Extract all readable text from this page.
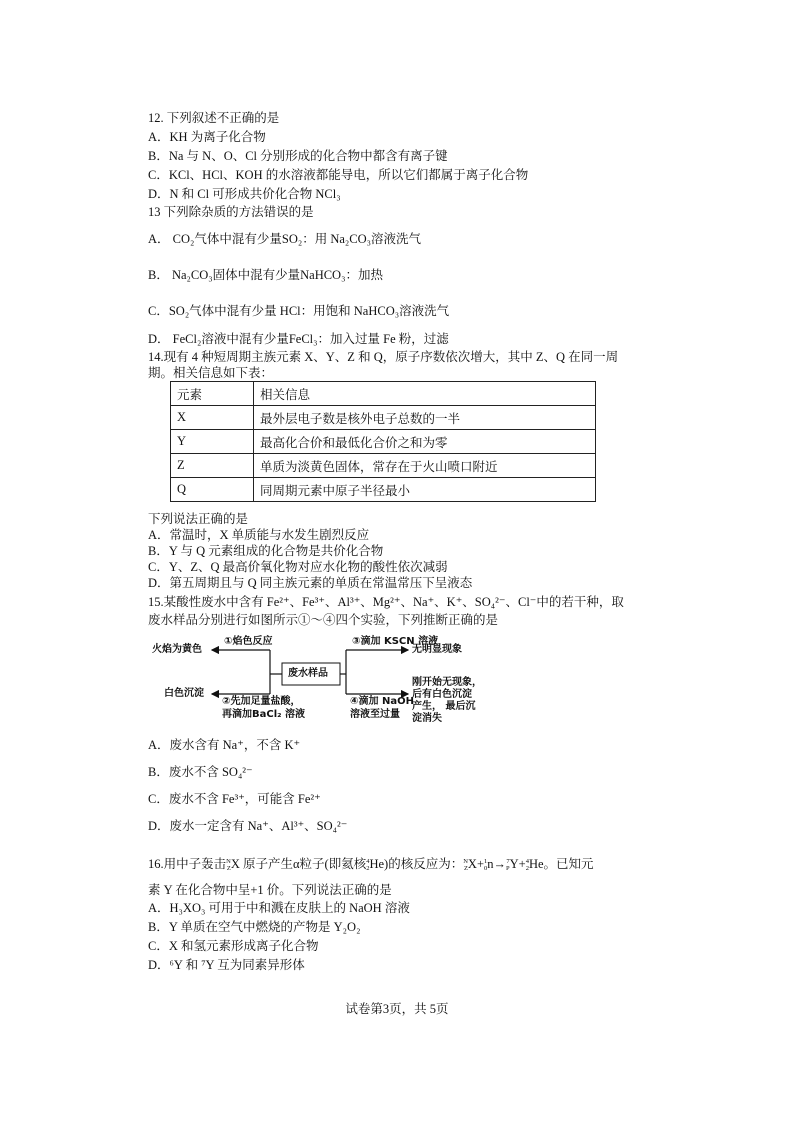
12. 下列叙述不正确的是
A．KH 为离子化合物
B．Na 与 N、O、Cl 分别形成的化合物中都含有离子键
C．KCl、HCl、KOH 的水溶液都能导电，所以它们都属于离子化合物
D．N 和 Cl 可形成共价化合物 NCl₃
13 下列除杂质的方法错误的是
A． CO₂气体中混有少量SO₂：用 Na₂CO₃溶液洗气
B． Na₂CO₃固体中混有少量NaHCO₃：加热
C．SO₂气体中混有少量 HCl：用饱和 NaHCO₃溶液洗气
D． FeCl₂溶液中混有少量FeCl₃：加入过量 Fe 粉，过滤
14.现有 4 种短周期主族元素 X、Y、Z 和 Q，原子序数依次增大，其中 Z、Q 在同一周
期。相关信息如下表：
元素	相关信息
X	最外层电子数是核外电子总数的一半
Y	最高化合价和最低化合价之和为零
Z	单质为淡黄色固体，常存在于火山喷口附近
Q	同周期元素中原子半径最小
下列说法正确的是
A．常温时，X 单质能与水发生剧烈反应
B．Y 与 Q 元素组成的化合物是共价化合物
C．Y、Z、Q 最高价氧化物对应水化物的酸性依次减弱
D．第五周期且与 Q 同主族元素的单质在常温常压下呈液态
15.某酸性废水中含有 Fe²⁺、Fe³⁺、Al³⁺、Mg²⁺、Na⁺、K⁺、SO₄²⁻、Cl⁻中的若干种，取
废水样品分别进行如图所示①～④四个实验，下列推断正确的是
废水样品
①焰色反应
火焰为黄色
②先加足量盐酸，
再滴加BaCl₂ 溶液
白色沉淀
③滴加 KSCN 溶液
无明显现象
④滴加 NaOH
溶液至过量
刚开始无现象，
后有白色沉淀
产生， 最后沉
淀消失
A．废水含有 Na⁺，不含 K⁺
B．废水不含 SO₄²⁻
C．废水不含 Fe³⁺，可能含 Fe²⁺
D．废水一定含有 Na⁺、Al³⁺、SO₄²⁻
16.用中子轰击N
ZX 原子产生α粒子(即氦核4
2He)的核反应为：N
ZX+1
0n→7
PY+4
2He。已知元
素 Y 在化合物中呈+1 价。下列说法正确的是
A．H₃XO₃ 可用于中和溅在皮肤上的 NaOH 溶液
B．Y 单质在空气中燃烧的产物是 Y₂O₂
C．X 和氢元素形成离子化合物
D．⁶Y 和 ⁷Y 互为同素异形体
试卷第3页，共 5页
